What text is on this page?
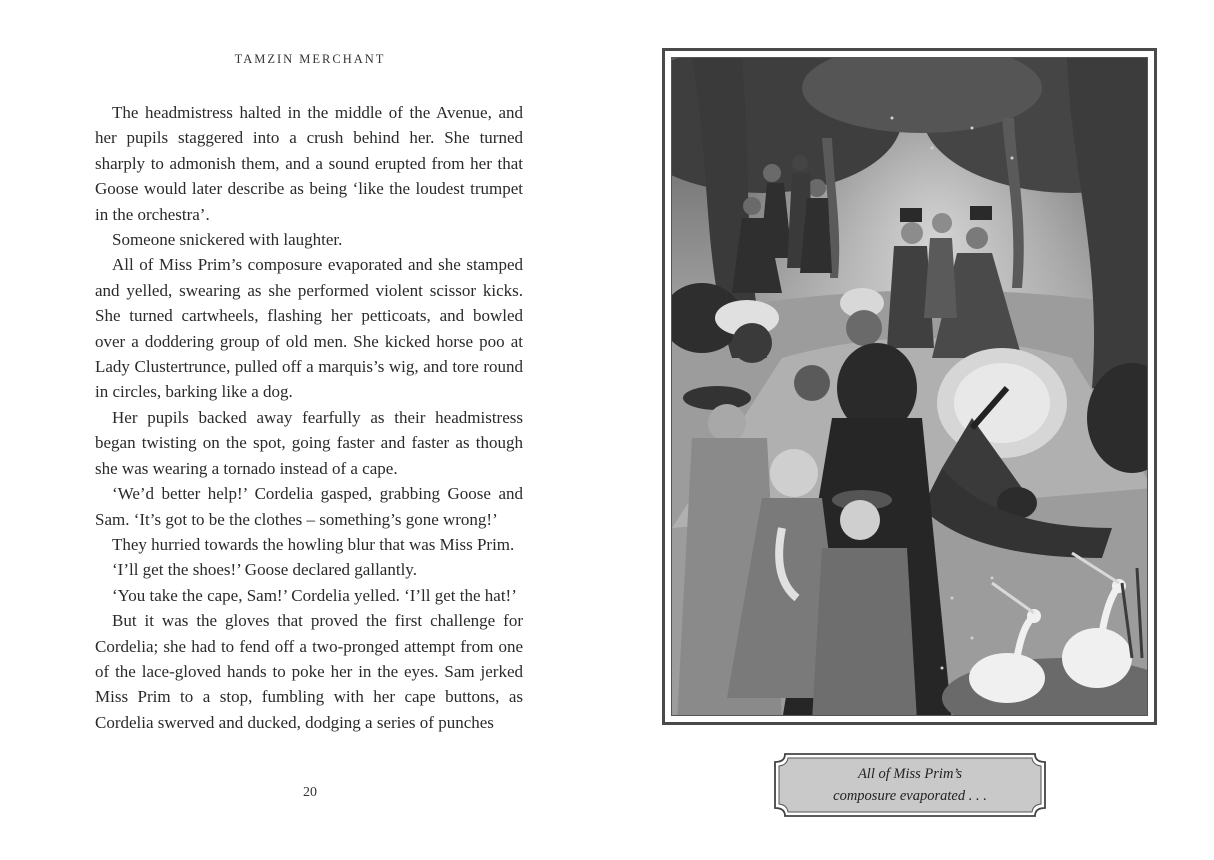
TAMZIN MERCHANT

The headmistress halted in the middle of the Avenue, and her pupils staggered into a crush behind her. She turned sharply to admonish them, and a sound erupted from her that Goose would later describe as being ‘like the loudest trumpet in the orchestra’.

Someone snickered with laughter.

All of Miss Prim’s composure evaporated and she stamped and yelled, swearing as she performed violent scissor kicks. She turned cartwheels, flashing her petticoats, and bowled over a doddering group of old men. She kicked horse poo at Lady Clustertrunce, pulled off a marquis’s wig, and tore round in circles, barking like a dog.

Her pupils backed away fearfully as their headmistress began twisting on the spot, going faster and faster as though she was wearing a tornado instead of a cape.

‘We’d better help!’ Cordelia gasped, grabbing Goose and Sam. ‘It’s got to be the clothes – something’s gone wrong!’

They hurried towards the howling blur that was Miss Prim.

‘I’ll get the shoes!’ Goose declared gallantly.

‘You take the cape, Sam!’ Cordelia yelled. ‘I’ll get the hat!’

But it was the gloves that proved the first challenge for Cordelia; she had to fend off a two-pronged attempt from one of the lace-gloved hands to poke her in the eyes. Sam jerked Miss Prim to a stop, fumbling with her cape buttons, as Cordelia swerved and ducked, dodging a series of punches

20
All of Miss Prim’s
composure evaporated . . .
